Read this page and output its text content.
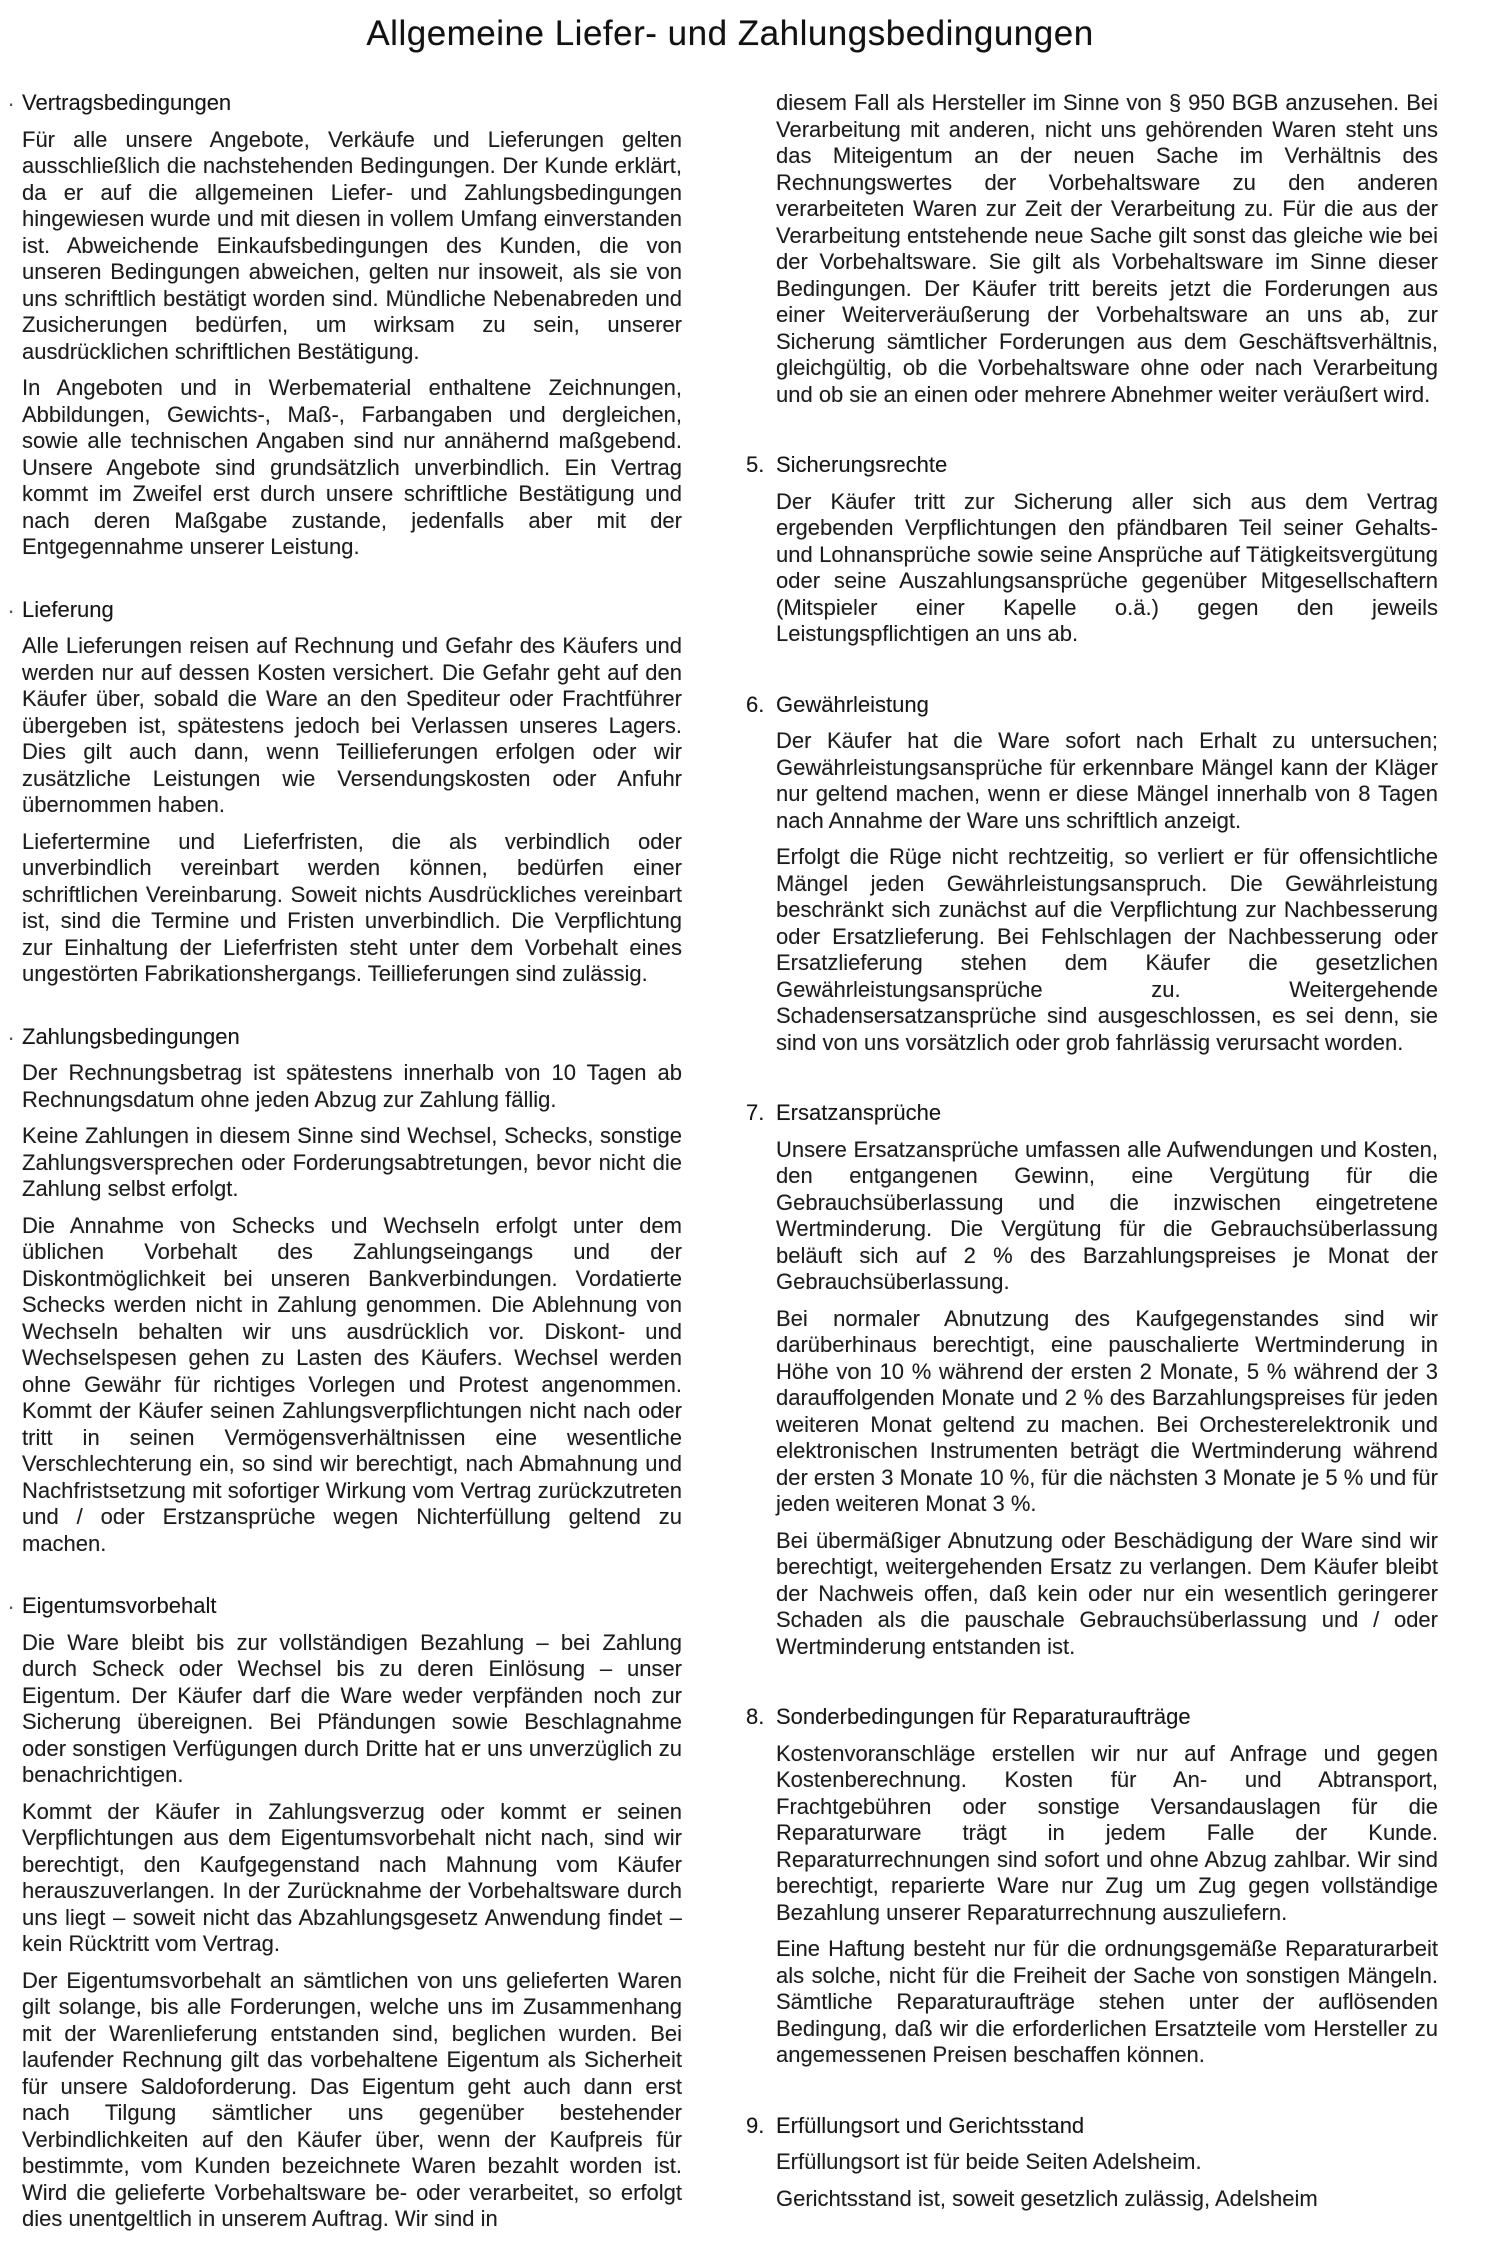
Allgemeine Liefer- und Zahlungsbedingungen
. Vertragsbedingungen

Für alle unsere Angebote, Verkäufe und Lieferungen gelten ausschließlich die nachstehenden Bedingungen. Der Kunde erklärt, da er auf die allgemeinen Liefer- und Zahlungsbedingungen hingewiesen wurde und mit diesen in vollem Umfang einverstanden ist. Abweichende Einkaufsbedingungen des Kunden, die von unseren Bedingungen abweichen, gelten nur insoweit, als sie von uns schriftlich bestätigt worden sind. Mündliche Nebenabreden und Zusicherungen bedürfen, um wirksam zu sein, unserer ausdrücklichen schriftlichen Bestätigung.

In Angeboten und in Werbematerial enthaltene Zeichnungen, Abbildungen, Gewichts-, Maß-, Farbangaben und dergleichen, sowie alle technischen Angaben sind nur annähernd maßgebend. Unsere Angebote sind grundsätzlich unverbindlich. Ein Vertrag kommt im Zweifel erst durch unsere schriftliche Bestätigung und nach deren Maßgabe zustande, jedenfalls aber mit der Entgegennahme unserer Leistung.

. Lieferung

Alle Lieferungen reisen auf Rechnung und Gefahr des Käufers und werden nur auf dessen Kosten versichert. Die Gefahr geht auf den Käufer über, sobald die Ware an den Spediteur oder Frachtführer übergeben ist, spätestens jedoch bei Verlassen unseres Lagers. Dies gilt auch dann, wenn Teillieferungen erfolgen oder wir zusätzliche Leistungen wie Versendungskosten oder Anfuhr übernommen haben.

Liefertermine und Lieferfristen, die als verbindlich oder unverbindlich vereinbart werden können, bedürfen einer schriftlichen Vereinbarung. Soweit nichts Ausdrückliches vereinbart ist, sind die Termine und Fristen unverbindlich. Die Verpflichtung zur Einhaltung der Lieferfristen steht unter dem Vorbehalt eines ungestörten Fabrikationshergangs. Teillieferungen sind zulässig.

. Zahlungsbedingungen

Der Rechnungsbetrag ist spätestens innerhalb von 10 Tagen ab Rechnungsdatum ohne jeden Abzug zur Zahlung fällig.

Keine Zahlungen in diesem Sinne sind Wechsel, Schecks, sonstige Zahlungsversprechen oder Forderungsabtretungen, bevor nicht die Zahlung selbst erfolgt.

Die Annahme von Schecks und Wechseln erfolgt unter dem üblichen Vorbehalt des Zahlungseingangs und der Diskontmöglichkeit bei unseren Bankverbindungen. Vordatierte Schecks werden nicht in Zahlung genommen. Die Ablehnung von Wechseln behalten wir uns ausdrücklich vor. Diskont- und Wechselspesen gehen zu Lasten des Käufers. Wechsel werden ohne Gewähr für richtiges Vorlegen und Protest angenommen. Kommt der Käufer seinen Zahlungsverpflichtungen nicht nach oder tritt in seinen Vermögensverhältnissen eine wesentliche Verschlechterung ein, so sind wir berechtigt, nach Abmahnung und Nachfristsetzung mit sofortiger Wirkung vom Vertrag zurückzutreten und / oder Erstzansprüche wegen Nichterfüllung geltend zu machen.

. Eigentumsvorbehalt

Die Ware bleibt bis zur vollständigen Bezahlung – bei Zahlung durch Scheck oder Wechsel bis zu deren Einlösung – unser Eigentum. Der Käufer darf die Ware weder verpfänden noch zur Sicherung übereignen. Bei Pfändungen sowie Beschlagnahme oder sonstigen Verfügungen durch Dritte hat er uns unverzüglich zu benachrichtigen.

Kommt der Käufer in Zahlungsverzug oder kommt er seinen Verpflichtungen aus dem Eigentumsvorbehalt nicht nach, sind wir berechtigt, den Kaufgegenstand nach Mahnung vom Käufer herauszuverlangen. In der Zurücknahme der Vorbehaltsware durch uns liegt – soweit nicht das Abzahlungsgesetz Anwendung findet – kein Rücktritt vom Vertrag.

Der Eigentumsvorbehalt an sämtlichen von uns gelieferten Waren gilt solange, bis alle Forderungen, welche uns im Zusammenhang mit der Warenlieferung entstanden sind, beglichen wurden. Bei laufender Rechnung gilt das vorbehaltene Eigentum als Sicherheit für unsere Saldoforderung. Das Eigentum geht auch dann erst nach Tilgung sämtlicher uns gegenüber bestehender Verbindlichkeiten auf den Käufer über, wenn der Kaufpreis für bestimmte, vom Kunden bezeichnete Waren bezahlt worden ist. Wird die gelieferte Vorbehaltsware be- oder verarbeitet, so erfolgt dies unentgeltlich in unserem Auftrag. Wir sind in

diesem Fall als Hersteller im Sinne von § 950 BGB anzusehen. Bei Verarbeitung mit anderen, nicht uns gehörenden Waren steht uns das Miteigentum an der neuen Sache im Verhältnis des Rechnungswertes der Vorbehaltsware zu den anderen verarbeiteten Waren zur Zeit der Verarbeitung zu. Für die aus der Verarbeitung entstehende neue Sache gilt sonst das gleiche wie bei der Vorbehaltsware. Sie gilt als Vorbehaltsware im Sinne dieser Bedingungen. Der Käufer tritt bereits jetzt die Forderungen aus einer Weiterveräußerung der Vorbehaltsware an uns ab, zur Sicherung sämtlicher Forderungen aus dem Geschäftsverhältnis, gleichgültig, ob die Vorbehaltsware ohne oder nach Verarbeitung und ob sie an einen oder mehrere Abnehmer weiter veräußert wird.

5. Sicherungsrechte

Der Käufer tritt zur Sicherung aller sich aus dem Vertrag ergebenden Verpflichtungen den pfändbaren Teil seiner Gehalts- und Lohnansprüche sowie seine Ansprüche auf Tätigkeitsvergütung oder seine Auszahlungsansprüche gegenüber Mitgesellschaftern (Mitspieler einer Kapelle o.ä.) gegen den jeweils Leistungspflichtigen an uns ab.

6. Gewährleistung

Der Käufer hat die Ware sofort nach Erhalt zu untersuchen; Gewährleistungsansprüche für erkennbare Mängel kann der Kläger nur geltend machen, wenn er diese Mängel innerhalb von 8 Tagen nach Annahme der Ware uns schriftlich anzeigt.

Erfolgt die Rüge nicht rechtzeitig, so verliert er für offensichtliche Mängel jeden Gewährleistungsanspruch. Die Gewährleistung beschränkt sich zunächst auf die Verpflichtung zur Nachbesserung oder Ersatzlieferung. Bei Fehlschlagen der Nachbesserung oder Ersatzlieferung stehen dem Käufer die gesetzlichen Gewährleistungsansprüche zu. Weitergehende Schadensersatzansprüche sind ausgeschlossen, es sei denn, sie sind von uns vorsätzlich oder grob fahrlässig verursacht worden.

7. Ersatzansprüche

Unsere Ersatzansprüche umfassen alle Aufwendungen und Kosten, den entgangenen Gewinn, eine Vergütung für die Gebrauchsüberlassung und die inzwischen eingetretene Wertminderung. Die Vergütung für die Gebrauchsüberlassung beläuft sich auf 2 % des Barzahlungspreises je Monat der Gebrauchsüberlassung.

Bei normaler Abnutzung des Kaufgegenstandes sind wir darüberhinaus berechtigt, eine pauschalierte Wertminderung in Höhe von 10 % während der ersten 2 Monate, 5 % während der 3 darauffolgenden Monate und 2 % des Barzahlungspreises für jeden weiteren Monat geltend zu machen. Bei Orchesterelektronik und elektronischen Instrumenten beträgt die Wertminderung während der ersten 3 Monate 10 %, für die nächsten 3 Monate je 5 % und für jeden weiteren Monat 3 %.

Bei übermäßiger Abnutzung oder Beschädigung der Ware sind wir berechtigt, weitergehenden Ersatz zu verlangen. Dem Käufer bleibt der Nachweis offen, daß kein oder nur ein wesentlich geringerer Schaden als die pauschale Gebrauchsüberlassung und / oder Wertminderung entstanden ist.

8. Sonderbedingungen für Reparaturaufträge

Kostenvoranschläge erstellen wir nur auf Anfrage und gegen Kostenberechnung. Kosten für An- und Abtransport, Frachtgebühren oder sonstige Versandauslagen für die Reparaturware trägt in jedem Falle der Kunde. Reparaturrechnungen sind sofort und ohne Abzug zahlbar. Wir sind berechtigt, reparierte Ware nur Zug um Zug gegen vollständige Bezahlung unserer Reparaturrechnung auszuliefern.

Eine Haftung besteht nur für die ordnungsgemäße Reparaturarbeit als solche, nicht für die Freiheit der Sache von sonstigen Mängeln. Sämtliche Reparaturaufträge stehen unter der auflösenden Bedingung, daß wir die erforderlichen Ersatzteile vom Hersteller zu angemessenen Preisen beschaffen können.

9. Erfüllungsort und Gerichtsstand

Erfüllungsort ist für beide Seiten Adelsheim.

Gerichtsstand ist, soweit gesetzlich zulässig, Adelsheim
